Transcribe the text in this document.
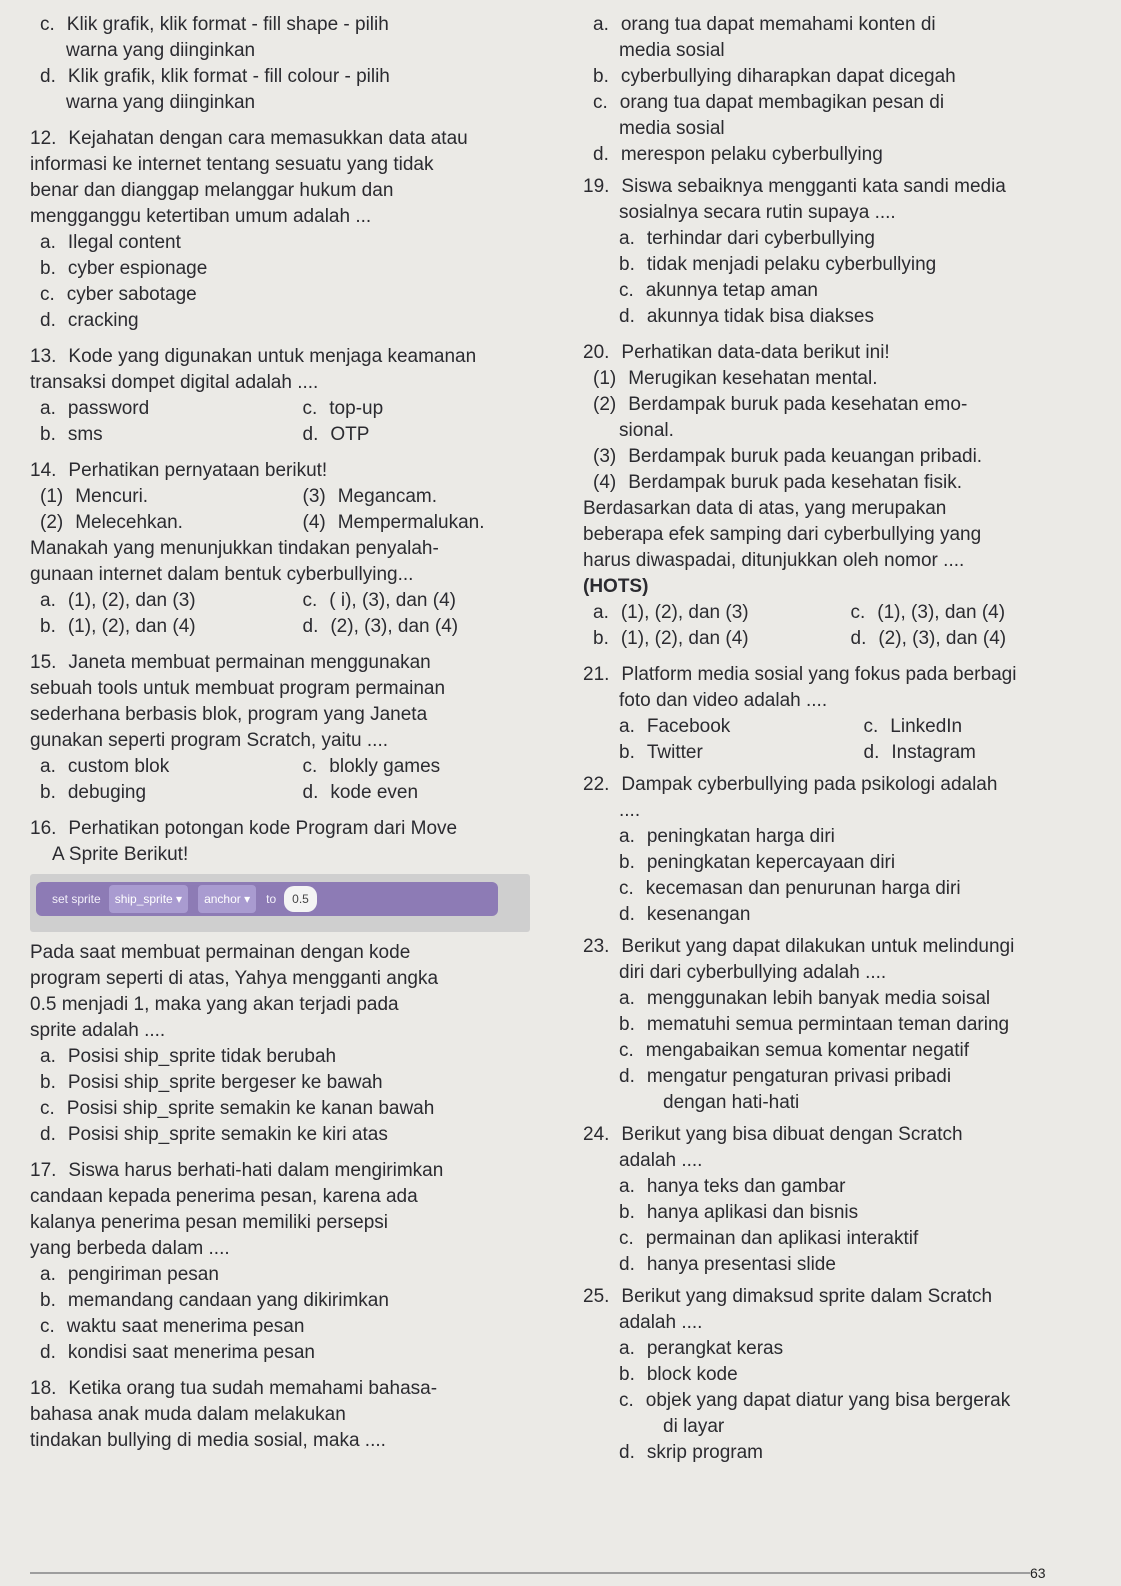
c. Klik grafik, klik format - fill shape - pilih
warna yang diinginkan
d. Klik grafik, klik format - fill colour - pilih
warna yang diinginkan
12. Kejahatan dengan cara memasukkan data atau
informasi ke internet tentang sesuatu yang tidak
benar dan dianggap melanggar hukum dan
mengganggu ketertiban umum adalah ...
a. Ilegal content
b. cyber espionage
c. cyber sabotage
d. cracking
13. Kode yang digunakan untuk menjaga keamanan
transaksi dompet digital adalah ....
a. password	c. top-up
b. sms	d. OTP
14. Perhatikan pernyataan berikut!
(1) Mencuri.	(3) Megancam.
(2) Melecehkan.	(4) Mempermalukan.
Manakah yang menunjukkan tindakan penyalah-
gunaan internet dalam bentuk cyberbullying...
a. (1), (2), dan (3)	c. ( i), (3), dan (4)
b. (1), (2), dan (4)	d. (2), (3), dan (4)
15. Janeta membuat permainan menggunakan
sebuah tools untuk membuat program permainan
sederhana berbasis blok, program yang Janeta
gunakan seperti program Scratch, yaitu ....
a. custom blok	c. blokly games
b. debuging	d. kode even
16. Perhatikan potongan kode Program dari Move
A Sprite Berikut!
set sprite	ship_sprite ▾	anchor ▾	to	0.5
Pada saat membuat permainan dengan kode
program seperti di atas, Yahya mengganti angka
0.5 menjadi 1, maka yang akan terjadi pada
sprite adalah ....
a. Posisi ship_sprite tidak berubah
b. Posisi ship_sprite bergeser ke bawah
c. Posisi ship_sprite semakin ke kanan bawah
d. Posisi ship_sprite semakin ke kiri atas
17. Siswa harus berhati-hati dalam mengirimkan
candaan kepada penerima pesan, karena ada
kalanya penerima pesan memiliki persepsi
yang berbeda dalam ....
a. pengiriman pesan
b. memandang candaan yang dikirimkan
c. waktu saat menerima pesan
d. kondisi saat menerima pesan
18. Ketika orang tua sudah memahami bahasa-
bahasa anak muda dalam melakukan
tindakan bullying di media sosial, maka ....
a. orang tua dapat memahami konten di
media sosial
b. cyberbullying diharapkan dapat dicegah
c. orang tua dapat membagikan pesan di
media sosial
d. merespon pelaku cyberbullying
19. Siswa sebaiknya mengganti kata sandi media
sosialnya secara rutin supaya ....
a. terhindar dari cyberbullying
b. tidak menjadi pelaku cyberbullying
c. akunnya tetap aman
d. akunnya tidak bisa diakses
20. Perhatikan data-data berikut ini!
(1) Merugikan kesehatan mental.
(2) Berdampak buruk pada kesehatan emo-
sional.
(3) Berdampak buruk pada keuangan pribadi.
(4) Berdampak buruk pada kesehatan fisik.
Berdasarkan data di atas, yang merupakan
beberapa efek samping dari cyberbullying yang
harus diwaspadai, ditunjukkan oleh nomor ....
(HOTS)
a. (1), (2), dan (3)	c. (1), (3), dan (4)
b. (1), (2), dan (4)	d. (2), (3), dan (4)
21. Platform media sosial yang fokus pada berbagi
foto dan video adalah ....
a. Facebook	c. LinkedIn
b. Twitter	d. Instagram
22. Dampak cyberbullying pada psikologi adalah
....
a. peningkatan harga diri
b. peningkatan kepercayaan diri
c. kecemasan dan penurunan harga diri
d. kesenangan
23. Berikut yang dapat dilakukan untuk melindungi
diri dari cyberbullying adalah ....
a. menggunakan lebih banyak media soisal
b. mematuhi semua permintaan teman daring
c. mengabaikan semua komentar negatif
d. mengatur pengaturan privasi pribadi
dengan hati-hati
24. Berikut yang bisa dibuat dengan Scratch
adalah ....
a. hanya teks dan gambar
b. hanya aplikasi dan bisnis
c. permainan dan aplikasi interaktif
d. hanya presentasi slide
25. Berikut yang dimaksud sprite dalam Scratch
adalah ....
a. perangkat keras
b. block kode
c. objek yang dapat diatur yang bisa bergerak
di layar
d. skrip program
63
